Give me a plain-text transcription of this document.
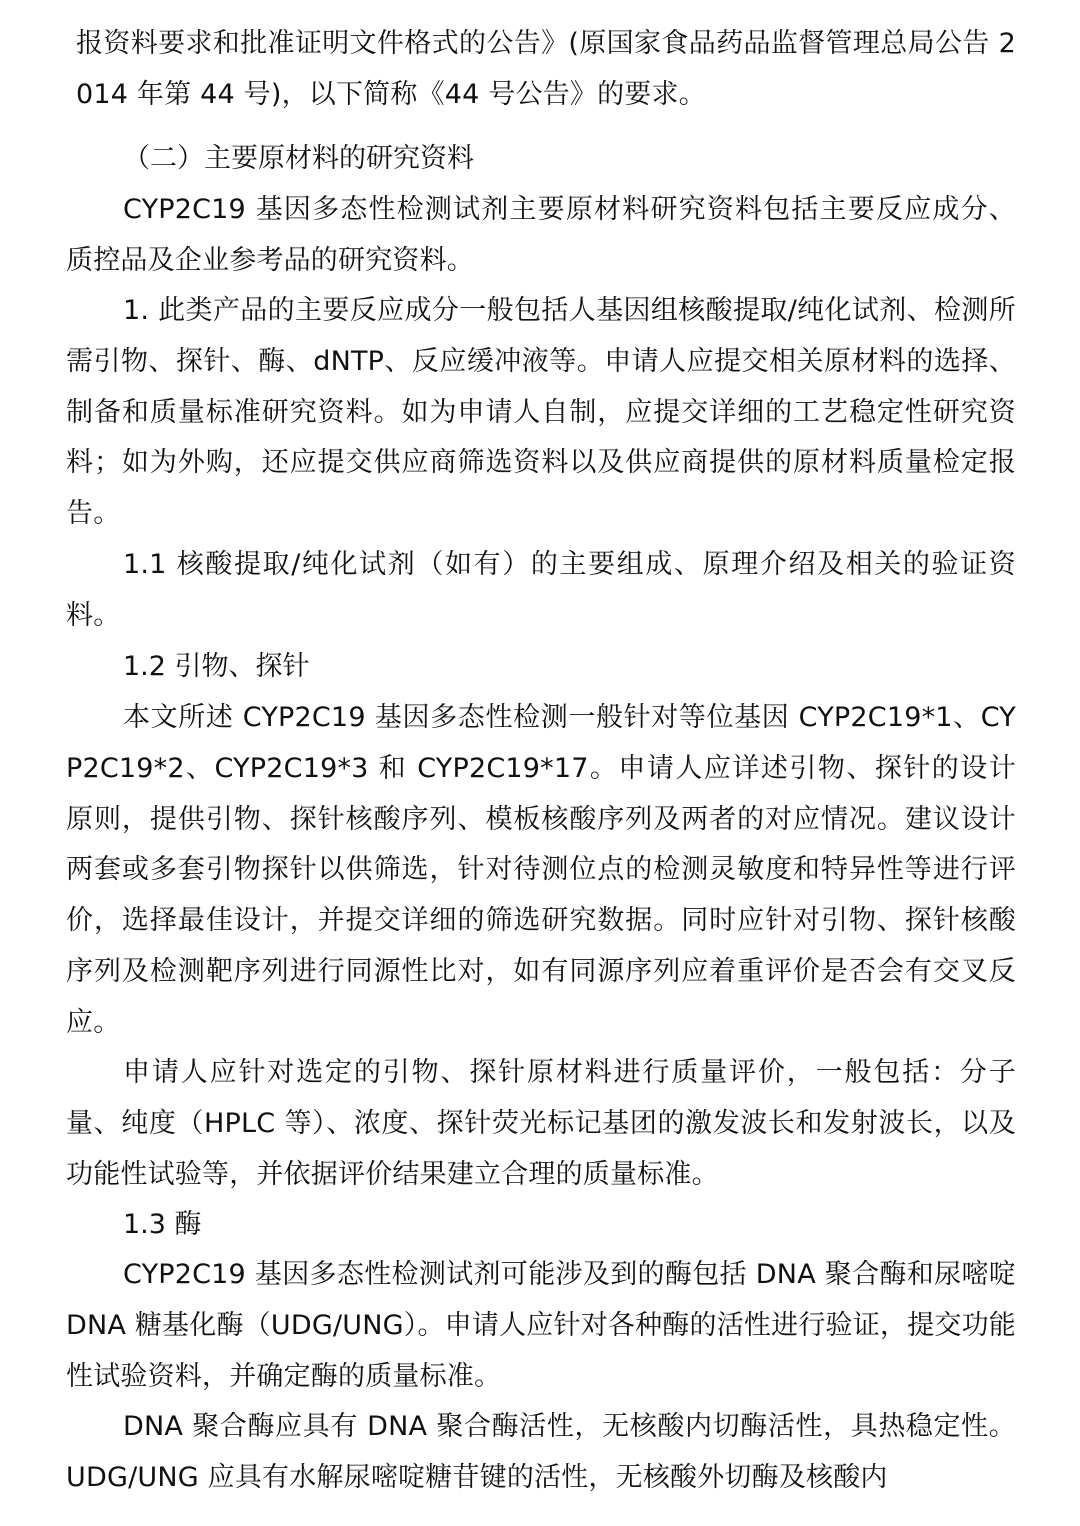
报资料要求和批准证明文件格式的公告》(原国家食品药品监督管理总局公告 2014 年第 44 号)，以下简称《44 号公告》的要求。

（二）主要原材料的研究资料

CYP2C19 基因多态性检测试剂主要原材料研究资料包括主要反应成分、质控品及企业参考品的研究资料。

1. 此类产品的主要反应成分一般包括人基因组核酸提取/纯化试剂、检测所需引物、探针、酶、dNTP、反应缓冲液等。申请人应提交相关原材料的选择、制备和质量标准研究资料。如为申请人自制，应提交详细的工艺稳定性研究资料；如为外购，还应提交供应商筛选资料以及供应商提供的原材料质量检定报告。

1.1 核酸提取/纯化试剂（如有）的主要组成、原理介绍及相关的验证资料。

1.2 引物、探针

本文所述 CYP2C19 基因多态性检测一般针对等位基因 CYP2C19*1、CYP2C19*2、CYP2C19*3 和 CYP2C19*17。申请人应详述引物、探针的设计原则，提供引物、探针核酸序列、模板核酸序列及两者的对应情况。建议设计两套或多套引物探针以供筛选，针对待测位点的检测灵敏度和特异性等进行评价，选择最佳设计，并提交详细的筛选研究数据。同时应针对引物、探针核酸序列及检测靶序列进行同源性比对，如有同源序列应着重评价是否会有交叉反应。

申请人应针对选定的引物、探针原材料进行质量评价，一般包括：分子量、纯度（HPLC 等）、浓度、探针荧光标记基团的激发波长和发射波长，以及功能性试验等，并依据评价结果建立合理的质量标准。

1.3 酶

CYP2C19 基因多态性检测试剂可能涉及到的酶包括 DNA 聚合酶和尿嘧啶 DNA 糖基化酶（UDG/UNG）。申请人应针对各种酶的活性进行验证，提交功能性试验资料，并确定酶的质量标准。

DNA 聚合酶应具有 DNA 聚合酶活性，无核酸内切酶活性，具热稳定性。UDG/UNG 应具有水解尿嘧啶糖苷键的活性，无核酸外切酶及核酸内
